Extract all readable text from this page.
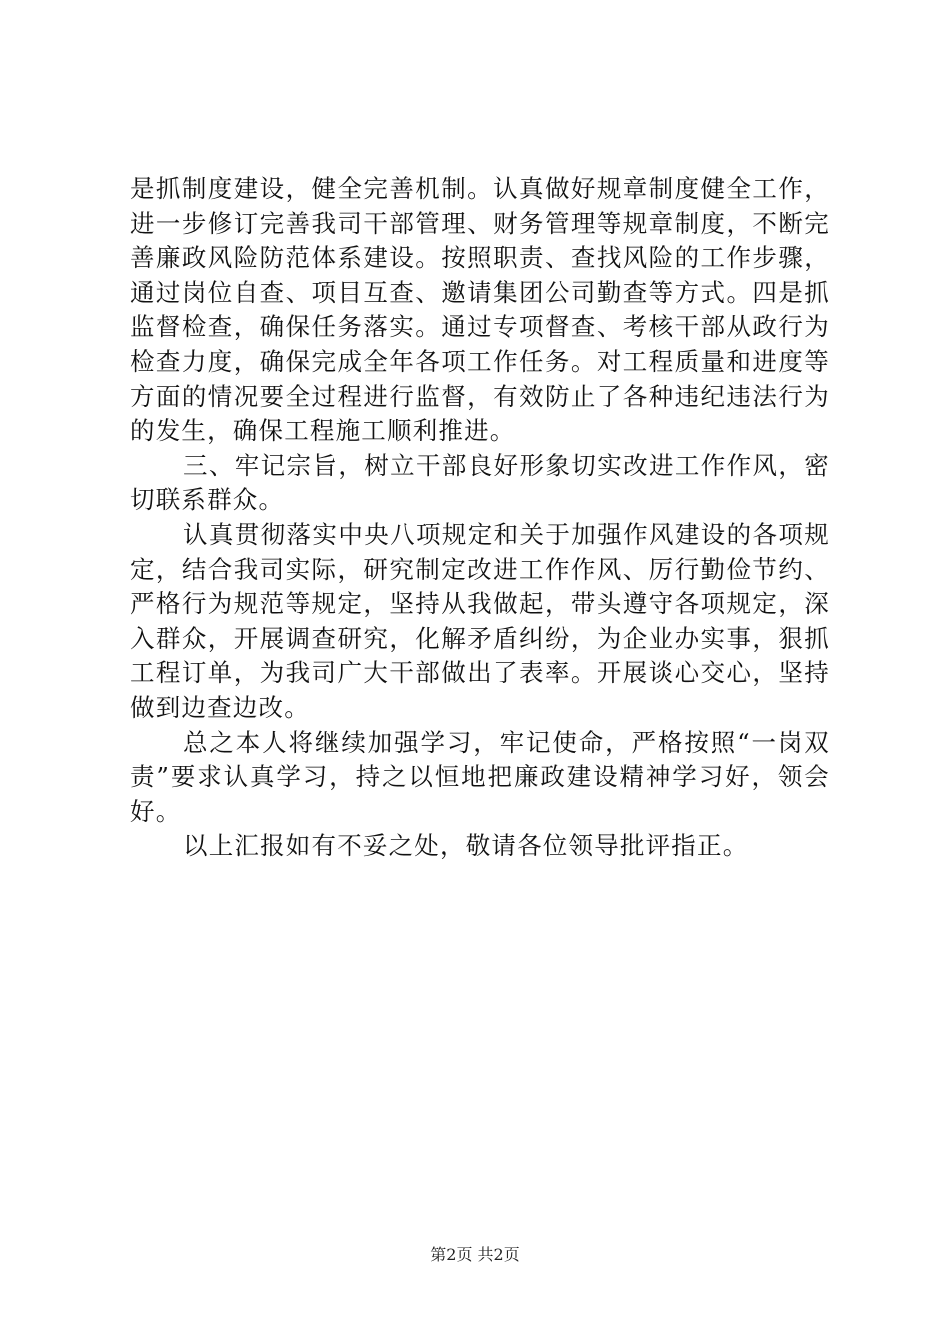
是抓制度建设，健全完善机制。认真做好规章制度健全工作，进一步修订完善我司干部管理、财务管理等规章制度，不断完善廉政风险防范体系建设。按照职责、查找风险的工作步骤，通过岗位自查、项目互查、邀请集团公司勤查等方式。四是抓监督检查，确保任务落实。通过专项督查、考核干部从政行为检查力度，确保完成全年各项工作任务。对工程质量和进度等方面的情况要全过程进行监督，有效防止了各种违纪违法行为的发生，确保工程施工顺利推进。

三、牢记宗旨，树立干部良好形象切实改进工作作风，密切联系群众。

认真贯彻落实中央八项规定和关于加强作风建设的各项规定，结合我司实际，研究制定改进工作作风、厉行勤俭节约、严格行为规范等规定，坚持从我做起，带头遵守各项规定，深入群众，开展调查研究，化解矛盾纠纷，为企业办实事，狠抓工程订单，为我司广大干部做出了表率。开展谈心交心，坚持做到边查边改。

总之本人将继续加强学习，牢记使命，严格按照“一岗双责”要求认真学习，持之以恒地把廉政建设精神学习好，领会好。

以上汇报如有不妥之处，敬请各位领导批评指正。

第2页 共2页
